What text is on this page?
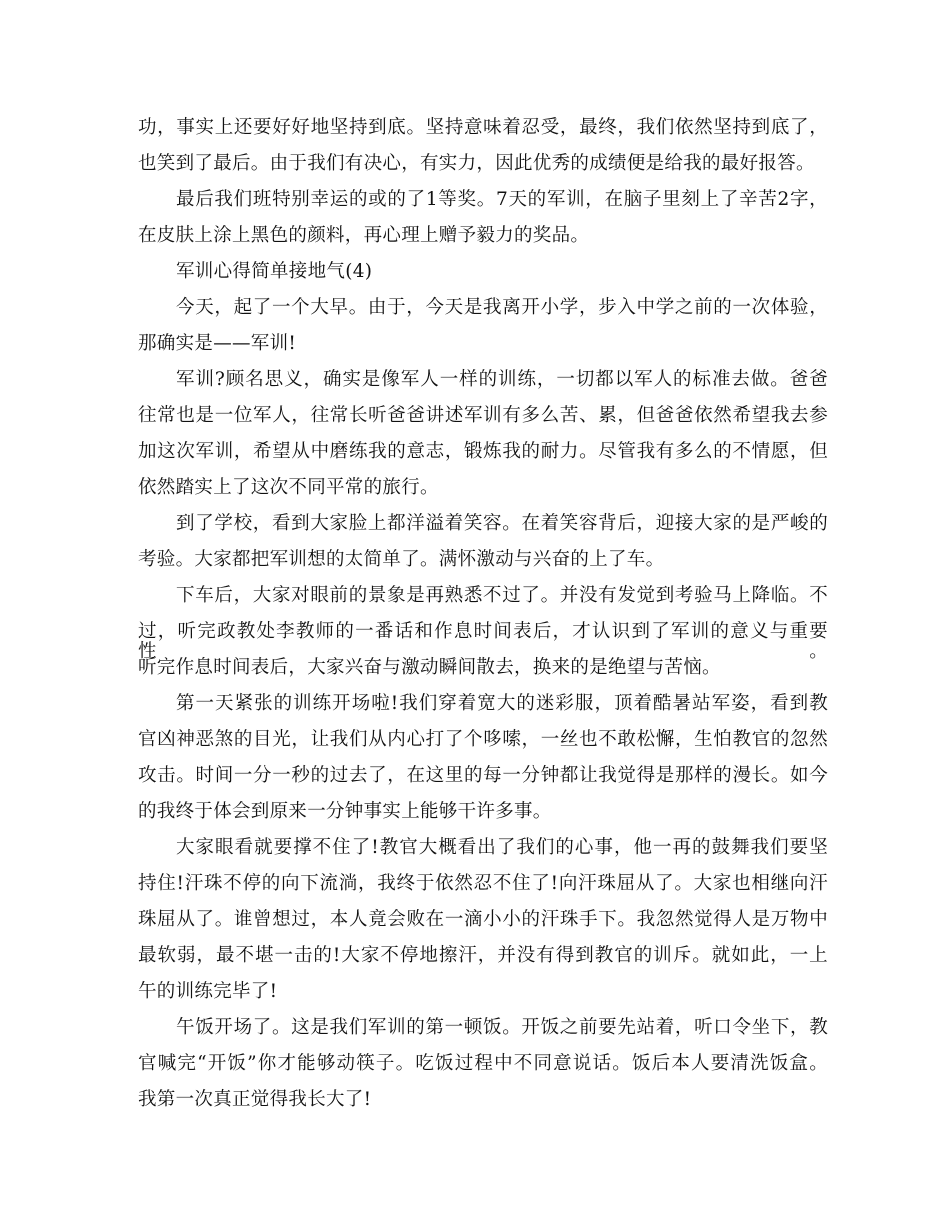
功，事实上还要好好地坚持到底。坚持意味着忍受，最终，我们依然坚持到底了，
也笑到了最后。由于我们有决心，有实力，因此优秀的成绩便是给我的最好报答。
最后我们班特别幸运的或的了1等奖。7天的军训，在脑子里刻上了辛苦2字，
在皮肤上涂上黑色的颜料，再心理上赠予毅力的奖品。
军训心得简单接地气(4)
今天，起了一个大早。由于，今天是我离开小学，步入中学之前的一次体验，
那确实是——军训!
军训?顾名思义，确实是像军人一样的训练，一切都以军人的标准去做。爸爸
往常也是一位军人，往常长听爸爸讲述军训有多么苦、累，但爸爸依然希望我去参
加这次军训，希望从中磨练我的意志，锻炼我的耐力。尽管我有多么的不情愿，但
依然踏实上了这次不同平常的旅行。
到了学校，看到大家脸上都洋溢着笑容。在着笑容背后，迎接大家的是严峻的
考验。大家都把军训想的太简单了。满怀激动与兴奋的上了车。
下车后，大家对眼前的景象是再熟悉不过了。并没有发觉到考验马上降临。不
过，听完政教处李教师的一番话和作息时间表后，才认识到了军训的意义与重要性。
听完作息时间表后，大家兴奋与激动瞬间散去，换来的是绝望与苦恼。
第一天紧张的训练开场啦!我们穿着宽大的迷彩服，顶着酷暑站军姿，看到教
官凶神恶煞的目光，让我们从内心打了个哆嗦，一丝也不敢松懈，生怕教官的忽然
攻击。时间一分一秒的过去了，在这里的每一分钟都让我觉得是那样的漫长。如今
的我终于体会到原来一分钟事实上能够干许多事。
大家眼看就要撑不住了!教官大概看出了我们的心事，他一再的鼓舞我们要坚
持住!汗珠不停的向下流淌，我终于依然忍不住了!向汗珠屈从了。大家也相继向汗
珠屈从了。谁曾想过，本人竟会败在一滴小小的汗珠手下。我忽然觉得人是万物中
最软弱，最不堪一击的!大家不停地擦汗，并没有得到教官的训斥。就如此，一上
午的训练完毕了!
午饭开场了。这是我们军训的第一顿饭。开饭之前要先站着，听口令坐下，教
官喊完“开饭”你才能够动筷子。吃饭过程中不同意说话。饭后本人要清洗饭盒。
我第一次真正觉得我长大了!
